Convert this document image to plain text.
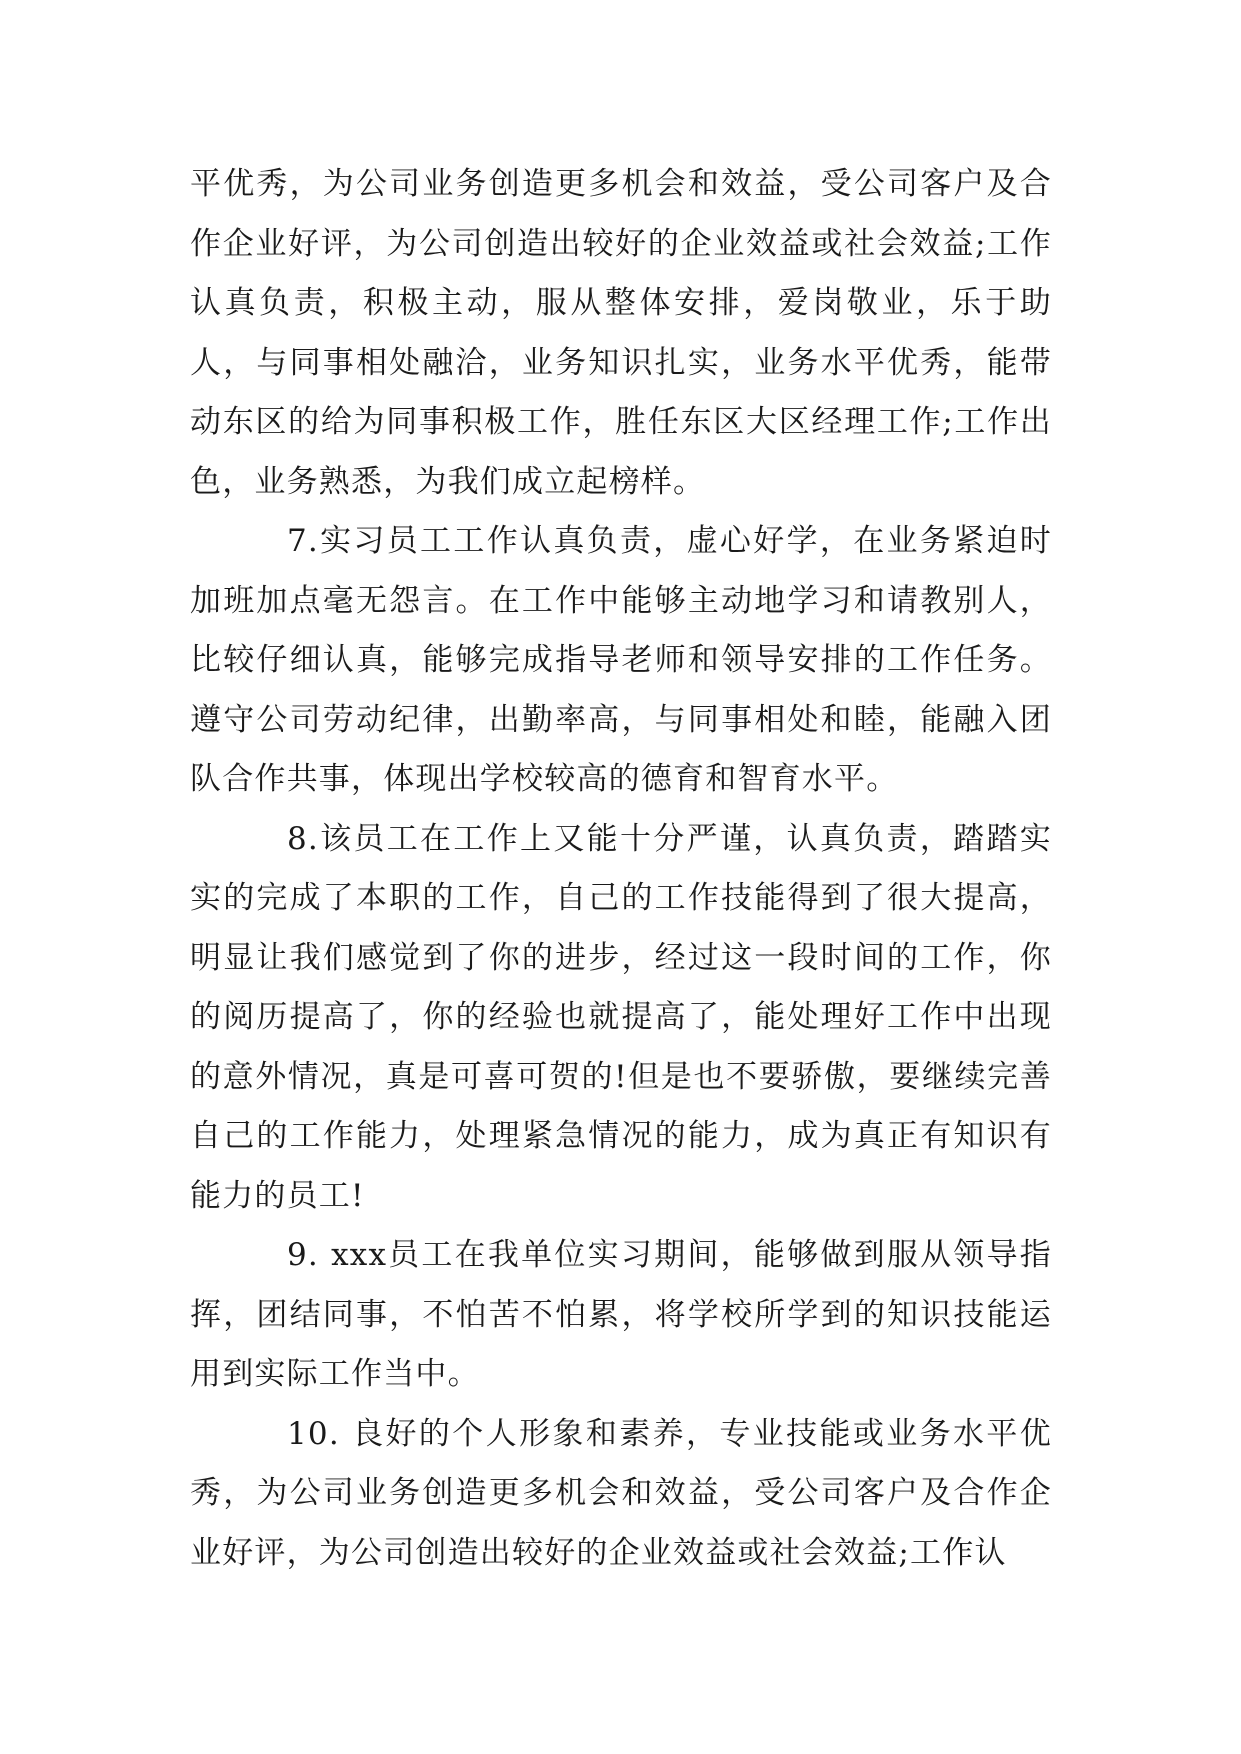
平优秀，为公司业务创造更多机会和效益，受公司客户及合作企业好评，为公司创造出较好的企业效益或社会效益;工作认真负责，积极主动，服从整体安排，爱岗敬业，乐于助人，与同事相处融洽，业务知识扎实，业务水平优秀，能带动东区的给为同事积极工作，胜任东区大区经理工作;工作出色，业务熟悉，为我们成立起榜样。

7.实习员工工作认真负责，虚心好学，在业务紧迫时加班加点毫无怨言。在工作中能够主动地学习和请教别人，比较仔细认真，能够完成指导老师和领导安排的工作任务。遵守公司劳动纪律，出勤率高，与同事相处和睦，能融入团队合作共事，体现出学校较高的德育和智育水平。

8.该员工在工作上又能十分严谨，认真负责，踏踏实实的完成了本职的工作，自己的工作技能得到了很大提高，明显让我们感觉到了你的进步，经过这一段时间的工作，你的阅历提高了，你的经验也就提高了，能处理好工作中出现的意外情况，真是可喜可贺的!但是也不要骄傲，要继续完善自己的工作能力，处理紧急情况的能力，成为真正有知识有能力的员工!

9. xxx员工在我单位实习期间，能够做到服从领导指挥，团结同事，不怕苦不怕累，将学校所学到的知识技能运用到实际工作当中。

10. 良好的个人形象和素养，专业技能或业务水平优秀，为公司业务创造更多机会和效益，受公司客户及合作企业好评，为公司创造出较好的企业效益或社会效益;工作认
